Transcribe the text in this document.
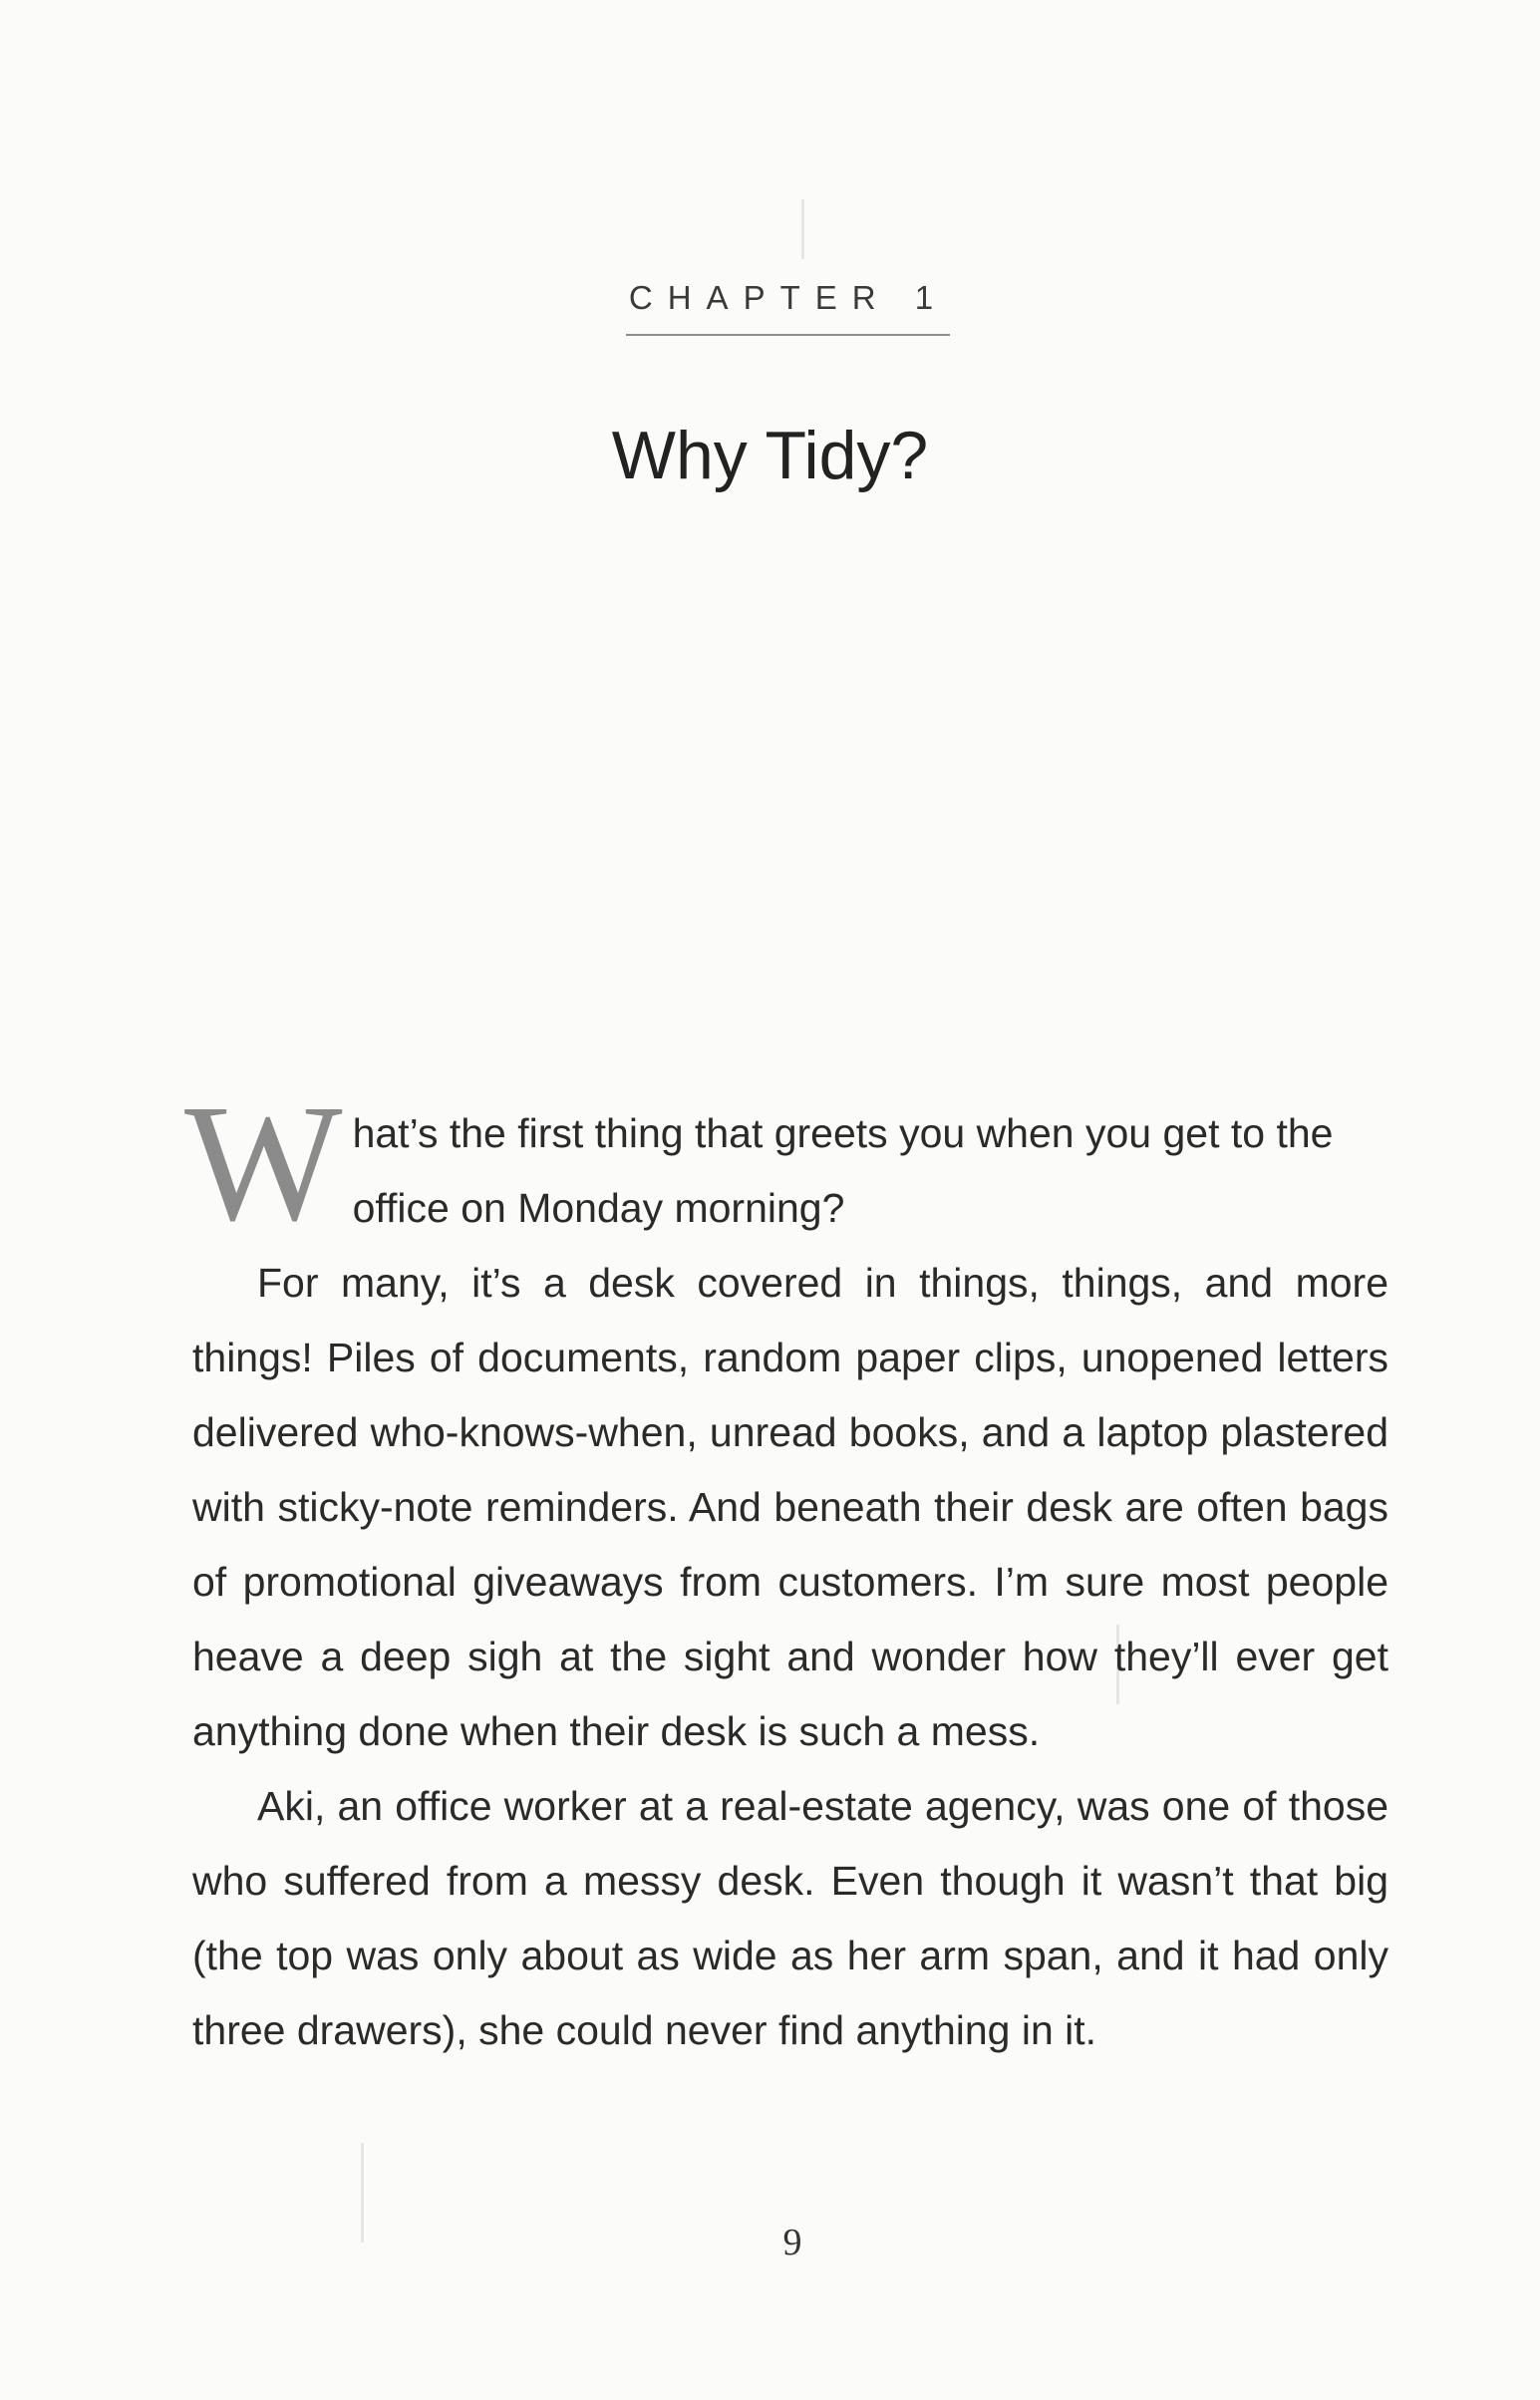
CHAPTER 1
Why Tidy?

W hat’s the first thing that greets you when you get to the office on Monday morning?

For many, it’s a desk covered in things, things, and more things! Piles of documents, random paper clips, unopened letters delivered who-knows-when, unread books, and a laptop plastered with sticky-note reminders. And beneath their desk are often bags of promotional giveaways from customers. I’m sure most people heave a deep sigh at the sight and wonder how they’ll ever get anything done when their desk is such a mess.

Aki, an office worker at a real-estate agency, was one of those who suffered from a messy desk. Even though it wasn’t that big (the top was only about as wide as her arm span, and it had only three drawers), she could never find anything in it.

9
